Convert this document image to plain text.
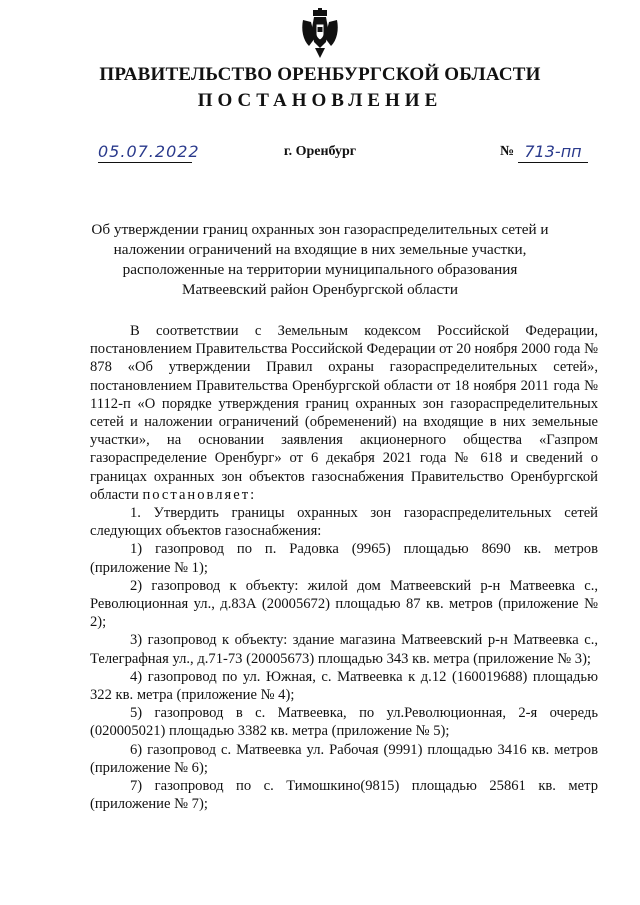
ПРАВИТЕЛЬСТВО ОРЕНБУРГСКОЙ ОБЛАСТИ
ПОСТАНОВЛЕНИЕ
05.07.2022	г. Оренбург	№ 713-пп
Об утверждении границ охранных зон газораспределительных сетей и
наложении ограничений на входящие в них земельные участки,
расположенные на территории муниципального образования
Матвеевский район Оренбургской области

В соответствии с Земельным кодексом Российской Федерации, постановлением Правительства Российской Федерации от 20 ноября 2000 года № 878 «Об утверждении Правил охраны газораспределительных сетей», постановлением Правительства Оренбургской области от 18 ноября 2011 года № 1112-п «О порядке утверждения границ охранных зон газораспределительных сетей и наложении ограничений (обременений) на входящие в них земельные участки», на основании заявления акционерного общества «Газпром газораспределение Оренбург» от 6 декабря 2021 года № 618 и сведений о границах охранных зон объектов газоснабжения Правительство Оренбургской области постановляет:

1. Утвердить границы охранных зон газораспределительных сетей следующих объектов газоснабжения:

1) газопровод по п. Радовка (9965) площадью 8690 кв. метров (приложение № 1);

2) газопровод к объекту: жилой дом Матвеевский р-н Матвеевка с., Революционная ул., д.83А (20005672) площадью 87 кв. метров (приложение № 2);

3) газопровод к объекту: здание магазина Матвеевский р-н Матвеевка с., Телеграфная ул., д.71-73 (20005673) площадью 343 кв. метра (приложение № 3);

4) газопровод по ул. Южная, с. Матвеевка к д.12 (160019688) площадью 322 кв. метра (приложение № 4);

5) газопровод в с. Матвеевка, по ул.Революционная, 2-я очередь (020005021) площадью 3382 кв. метра (приложение № 5);

6) газопровод с. Матвеевка ул. Рабочая (9991) площадью 3416 кв. метров (приложение № 6);

7) газопровод по с. Тимошкино(9815) площадью 25861 кв. метр (приложение № 7);
